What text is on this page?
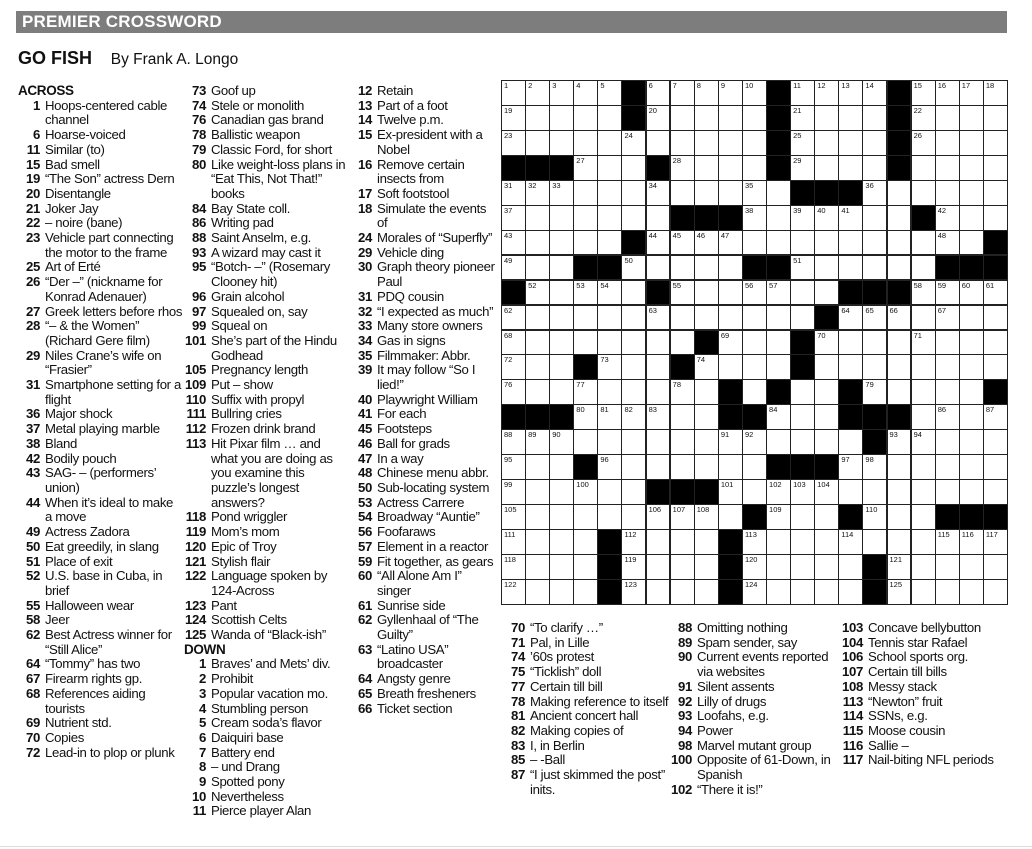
PREMIER CROSSWORD
GO FISH By Frank A. Longo
ACROSS
1 Hoops-centered cable channel
6 Hoarse-voiced
11 Similar (to)
15 Bad smell
19 “The Son” actress Dern
20 Disentangle
21 Joker Jay
22 – noire (bane)
23 Vehicle part connecting the motor to the frame
25 Art of Erté
26 “Der –” (nickname for Konrad Adenauer)
27 Greek letters before rhos
28 “– & the Women” (Richard Gere film)
29 Niles Crane’s wife on “Frasier”
31 Smartphone setting for a flight
36 Major shock
37 Metal playing marble
38 Bland
42 Bodily pouch
43 SAG- – (performers’ union)
44 When it’s ideal to make a move
49 Actress Zadora
50 Eat greedily, in slang
51 Place of exit
52 U.S. base in Cuba, in brief
55 Halloween wear
58 Jeer
62 Best Actress winner for “Still Alice”
64 “Tommy” has two
67 Firearm rights gp.
68 References aiding tourists
69 Nutrient std.
70 Copies
72 Lead-in to plop or plunk
73 Goof up
74 Stele or monolith
76 Canadian gas brand
78 Ballistic weapon
79 Classic Ford, for short
80 Like weight-loss plans in “Eat This, Not That!” books
84 Bay State coll.
86 Writing pad
88 Saint Anselm, e.g.
93 A wizard may cast it
95 “Botch- –” (Rosemary Clooney hit)
96 Grain alcohol
97 Squealed on, say
99 Squeal on
101 She’s part of the Hindu Godhead
105 Pregnancy length
109 Put – show
110 Suffix with propyl
111 Bullring cries
112 Frozen drink brand
113 Hit Pixar film … and what you are doing as you examine this puzzle’s longest answers?
118 Pond wriggler
119 Mom’s mom
120 Epic of Troy
121 Stylish flair
122 Language spoken by 124-Across
123 Pant
124 Scottish Celts
125 Wanda of “Black-ish”
DOWN
1 Braves’ and Mets’ div.
2 Prohibit
3 Popular vacation mo.
4 Stumbling person
5 Cream soda’s flavor
6 Daiquiri base
7 Battery end
8 – und Drang
9 Spotted pony
10 Nevertheless
11 Pierce player Alan
12 Retain
13 Part of a foot
14 Twelve p.m.
15 Ex-president with a Nobel
16 Remove certain insects from
17 Soft footstool
18 Simulate the events of
24 Morales of “Superfly”
29 Vehicle ding
30 Graph theory pioneer Paul
31 PDQ cousin
32 “I expected as much”
33 Many store owners
34 Gas in signs
35 Filmmaker: Abbr.
39 It may follow “So I lied!”
40 Playwright William
41 For each
45 Footsteps
46 Ball for grads
47 In a way
48 Chinese menu abbr.
50 Sub-locating system
53 Actress Carrere
54 Broadway “Auntie”
56 Foofaraws
57 Element in a reactor
59 Fit together, as gears
60 “All Alone Am I” singer
61 Sunrise side
62 Gyllenhaal of “The Guilty”
63 “Latino USA” broadcaster
64 Angsty genre
65 Breath fresheners
66 Ticket section
70 “To clarify …”
71 Pal, in Lille
74 ’60s protest
75 “Ticklish” doll
77 Certain till bill
78 Making reference to itself
81 Ancient concert hall
82 Making copies of
83 I, in Berlin
85 – -Ball
87 “I just skimmed the post” inits.
88 Omitting nothing
89 Spam sender, say
90 Current events reported via websites
91 Silent assents
92 Lilly of drugs
93 Loofahs, e.g.
94 Power
98 Marvel mutant group
100 Opposite of 61-Down, in Spanish
102 “There it is!”
103 Concave bellybutton
104 Tennis star Rafael
106 School sports org.
107 Certain till bills
108 Messy stack
113 “Newton” fruit
114 SSNs, e.g.
115 Moose cousin
116 Sallie –
117 Nail-biting NFL periods
1	2	3	4	5	6	7	8	9	10	11 12 13 14	15 16 17 18
19	20	21	22
23	24	25	26
27	28	29
31 32 33	34	35	36
37	38	39 40 41	42
43	44 45 46 47	48
49	50	51
52	53 54	55	56 57	58 59 60 61
62	63	64 65 66	67
68	69	70	71
72	73	74
76	77	78	79
80 81 82 83	84	86	87
88 89 90	91 92	93 94
95	96	97 98
99	100	101	102 103 104
105	106 107 108	109	110
111	112	113	114	115 116 117
118	119	120	121
122	123	124	125
